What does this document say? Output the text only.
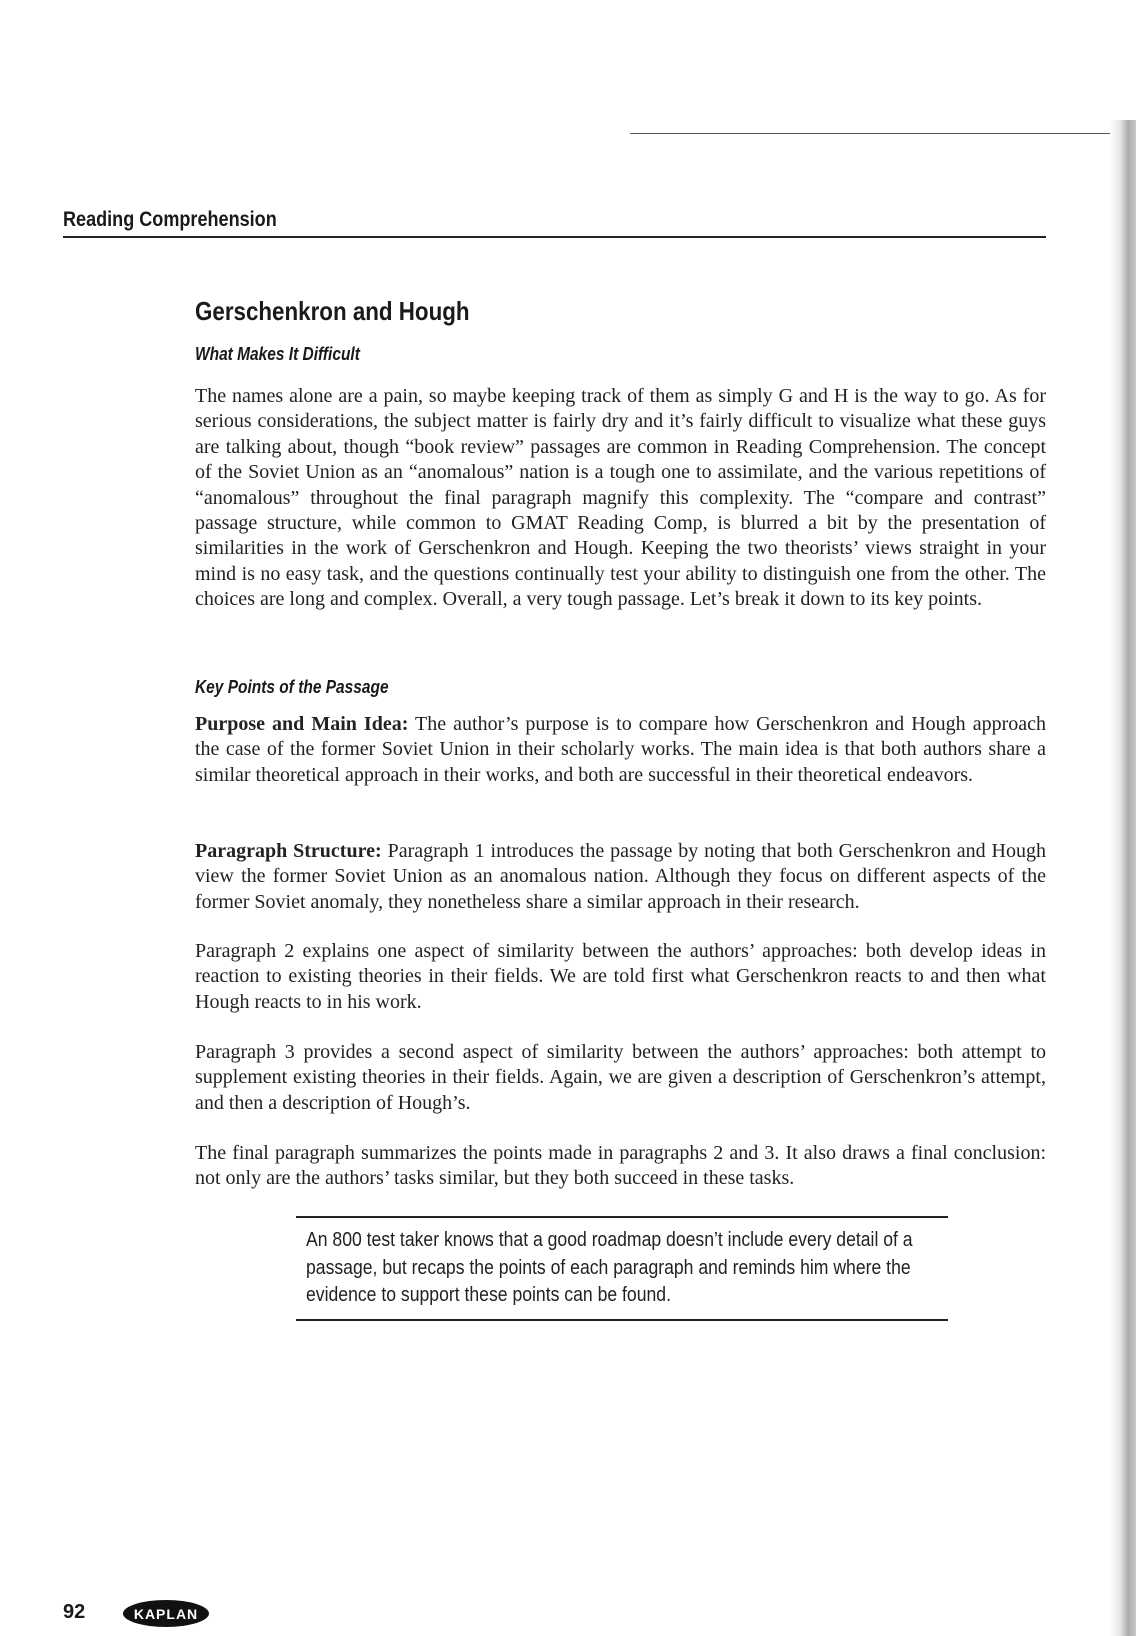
Reading Comprehension
Gerschenkron and Hough
What Makes It Difficult

The names alone are a pain, so maybe keeping track of them as simply G and H is the way to go. As for serious considerations, the subject matter is fairly dry and it’s fairly difficult to visualize what these guys are talking about, though “book review” passages are common in Reading Comprehension. The concept of the Soviet Union as an “anomalous” nation is a tough one to assimilate, and the various repetitions of “anomalous” throughout the final paragraph magnify this complexity. The “compare and contrast” passage structure, while common to GMAT Reading Comp, is blurred a bit by the presentation of similarities in the work of Gerschenkron and Hough. Keeping the two theorists’ views straight in your mind is no easy task, and the questions continually test your ability to distinguish one from the other. The choices are long and complex. Overall, a very tough passage. Let’s break it down to its key points.

Key Points of the Passage

Purpose and Main Idea: The author’s purpose is to compare how Gerschenkron and Hough approach the case of the former Soviet Union in their scholarly works. The main idea is that both authors share a similar theoretical approach in their works, and both are successful in their theoretical endeavors.

Paragraph Structure: Paragraph 1 introduces the passage by noting that both Gerschenkron and Hough view the former Soviet Union as an anomalous nation. Although they focus on different aspects of the former Soviet anomaly, they nonetheless share a similar approach in their research.

Paragraph 2 explains one aspect of similarity between the authors’ approaches: both develop ideas in reaction to existing theories in their fields. We are told first what Gerschenkron reacts to and then what Hough reacts to in his work.

Paragraph 3 provides a second aspect of similarity between the authors’ approaches: both attempt to supplement existing theories in their fields. Again, we are given a description of Gerschenkron’s attempt, and then a description of Hough’s.

The final paragraph summarizes the points made in paragraphs 2 and 3. It also draws a final conclusion: not only are the authors’ tasks similar, but they both succeed in these tasks.

An 800 test taker knows that a good roadmap doesn’t include every detail of a passage, but recaps the points of each paragraph and reminds him where the evidence to support these points can be found.
92	KAPLAN
